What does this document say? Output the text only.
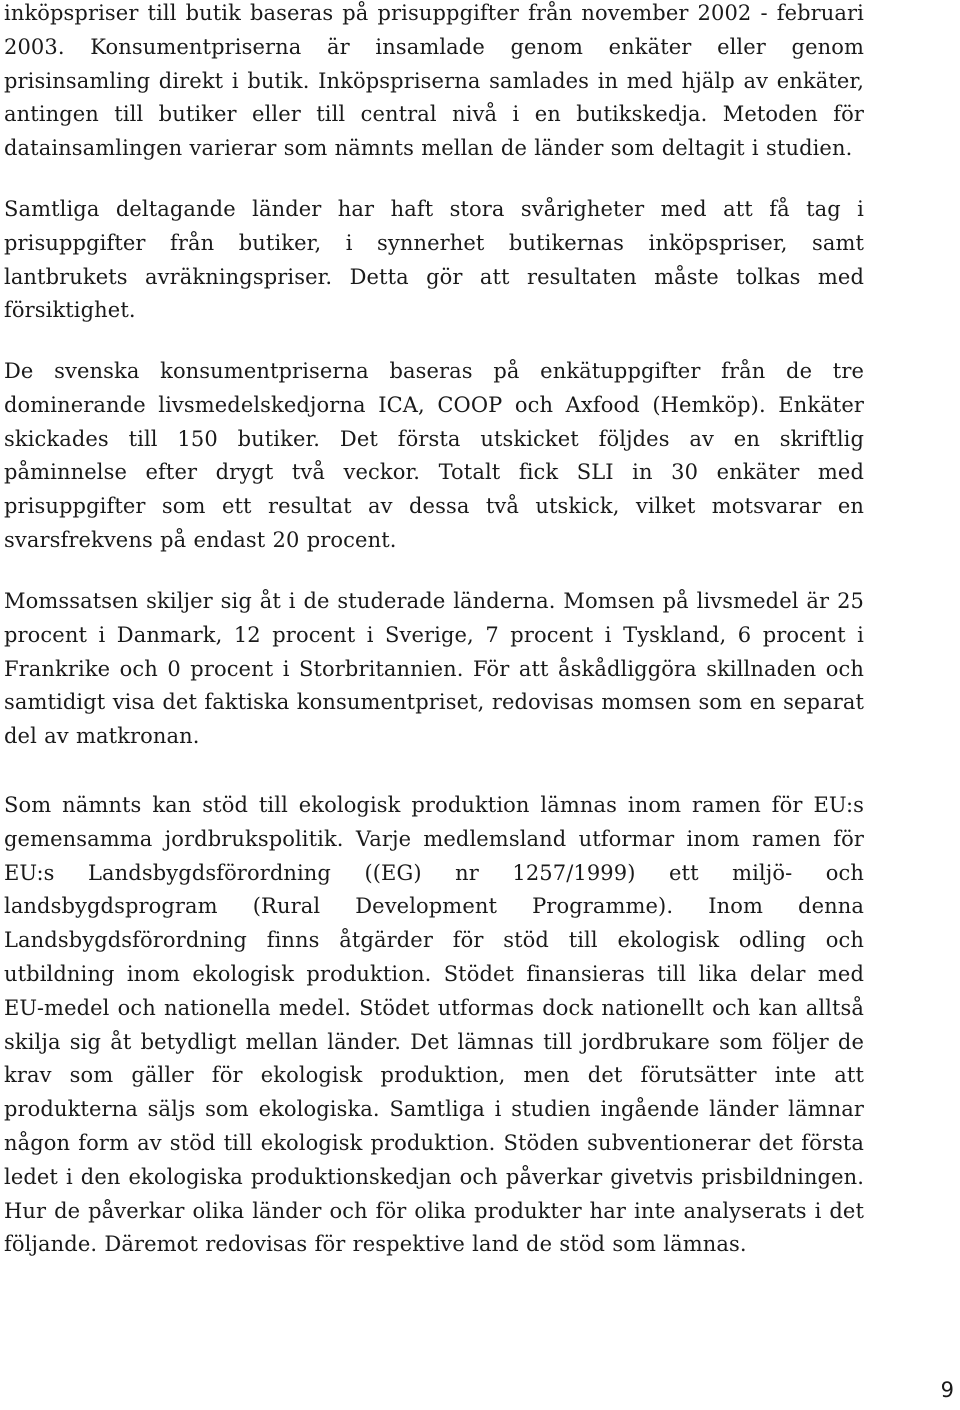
inköpspriser till butik baseras på prisuppgifter från november 2002 - februari 2003. Konsumentpriserna är insamlade genom enkäter eller genom prisinsamling direkt i butik. Inköpspriserna samlades in med hjälp av enkäter, antingen till butiker eller till central nivå i en butikskedja. Metoden för datainsamlingen varierar som nämnts mellan de länder som deltagit i studien.

Samtliga deltagande länder har haft stora svårigheter med att få tag i prisuppgifter från butiker, i synnerhet butikernas inköpspriser, samt lantbrukets avräkningspriser. Detta gör att resultaten måste tolkas med försiktighet.

De svenska konsumentpriserna baseras på enkätuppgifter från de tre dominerande livsmedelskedjorna ICA, COOP och Axfood (Hemköp). Enkäter skickades till 150 butiker. Det första utskicket följdes av en skriftlig påminnelse efter drygt två veckor. Totalt fick SLI in 30 enkäter med prisuppgifter som ett resultat av dessa två utskick, vilket motsvarar en svarsfrekvens på endast 20 procent.

Momssatsen skiljer sig åt i de studerade länderna. Momsen på livsmedel är 25 procent i Danmark, 12 procent i Sverige, 7 procent i Tyskland, 6 procent i Frankrike och 0 procent i Storbritannien. För att åskådliggöra skillnaden och samtidigt visa det faktiska konsumentpriset, redovisas momsen som en separat del av matkronan.

Som nämnts kan stöd till ekologisk produktion lämnas inom ramen för EU:s gemensamma jordbrukspolitik. Varje medlemsland utformar inom ramen för EU:s Landsbygdsförordning ((EG) nr 1257/1999) ett miljö- och landsbygdsprogram (Rural Development Programme). Inom denna Landsbygdsförordning finns åtgärder för stöd till ekologisk odling och utbildning inom ekologisk produktion. Stödet finansieras till lika delar med EU-medel och nationella medel. Stödet utformas dock nationellt och kan alltså skilja sig åt betydligt mellan länder. Det lämnas till jordbrukare som följer de krav som gäller för ekologisk produktion, men det förutsätter inte att produkterna säljs som ekologiska. Samtliga i studien ingående länder lämnar någon form av stöd till ekologisk produktion. Stöden subventionerar det första ledet i den ekologiska produktionskedjan och påverkar givetvis prisbildningen. Hur de påverkar olika länder och för olika produkter har inte analyserats i det följande. Däremot redovisas för respektive land de stöd som lämnas.

9
